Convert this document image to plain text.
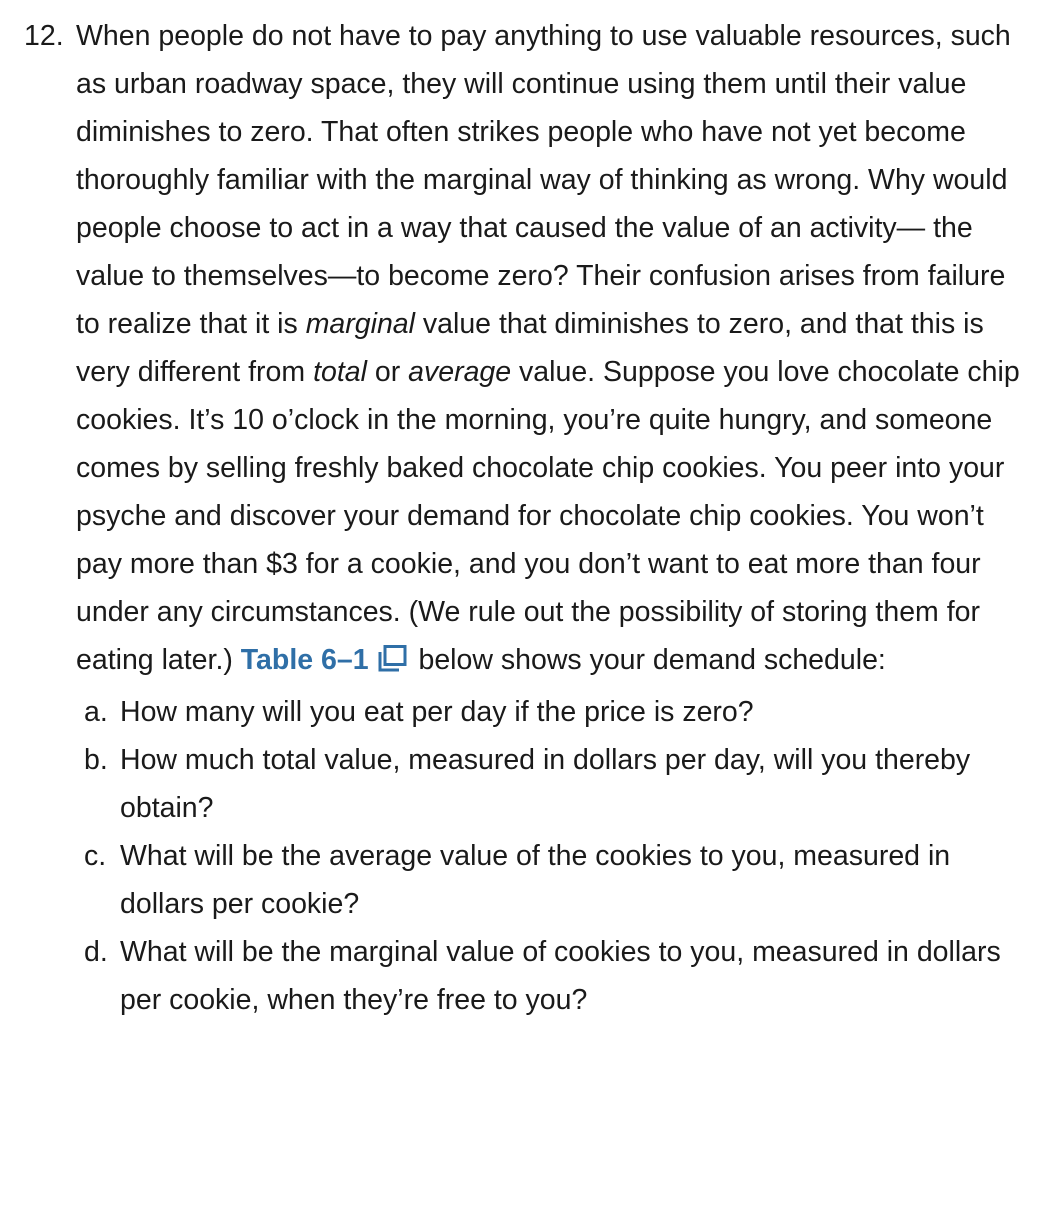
12. When people do not have to pay anything to use valuable resources, such as urban roadway space, they will continue using them until their value diminishes to zero. That often strikes people who have not yet become thoroughly familiar with the marginal way of thinking as wrong. Why would people choose to act in a way that caused the value of an activity— the value to themselves—to become zero? Their confusion arises from failure to realize that it is marginal value that diminishes to zero, and that this is very different from total or average value. Suppose you love chocolate chip cookies. It’s 10 o’clock in the morning, you’re quite hungry, and someone comes by selling freshly baked chocolate chip cookies. You peer into your psyche and discover your demand for chocolate chip cookies. You won’t pay more than $3 for a cookie, and you don’t want to eat more than four under any circumstances. (We rule out the possibility of storing them for eating later.) Table 6–1 below shows your demand schedule:
a. How many will you eat per day if the price is zero?
b. How much total value, measured in dollars per day, will you thereby obtain?
c. What will be the average value of the cookies to you, measured in dollars per cookie?
d. What will be the marginal value of cookies to you, measured in dollars per cookie, when they’re free to you?
